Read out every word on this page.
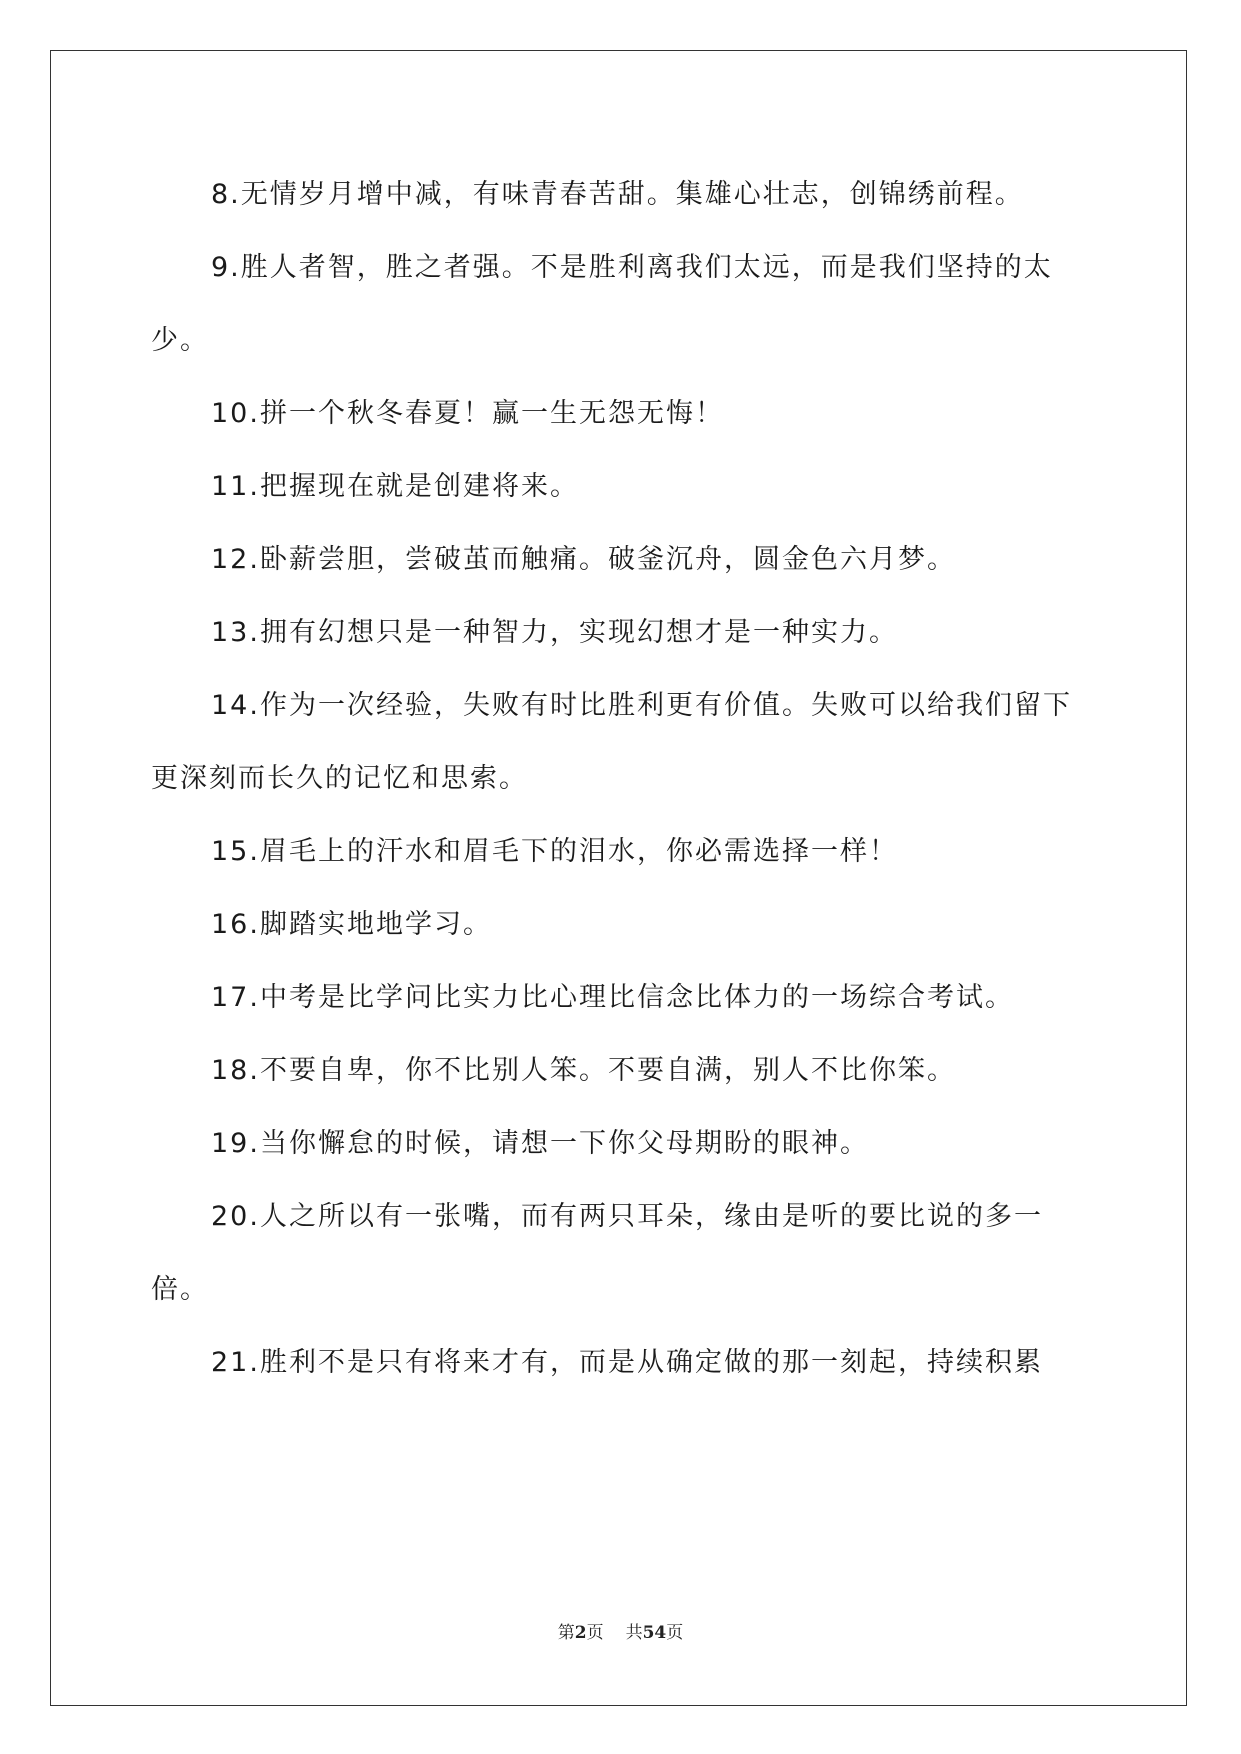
8.无情岁月增中减，有味青春苦甜。集雄心壮志，创锦绣前程。

9.胜人者智，胜之者强。不是胜利离我们太远，而是我们坚持的太少。

10.拼一个秋冬春夏！赢一生无怨无悔！

11.把握现在就是创建将来。

12.卧薪尝胆，尝破茧而触痛。破釜沉舟，圆金色六月梦。

13.拥有幻想只是一种智力，实现幻想才是一种实力。

14.作为一次经验，失败有时比胜利更有价值。失败可以给我们留下更深刻而长久的记忆和思索。

15.眉毛上的汗水和眉毛下的泪水，你必需选择一样！

16.脚踏实地地学习。

17.中考是比学问比实力比心理比信念比体力的一场综合考试。

18.不要自卑，你不比别人笨。不要自满，别人不比你笨。

19.当你懈怠的时候，请想一下你父母期盼的眼神。

20.人之所以有一张嘴，而有两只耳朵，缘由是听的要比说的多一倍。

21.胜利不是只有将来才有，而是从确定做的那一刻起，持续积累

第2页 共54页
